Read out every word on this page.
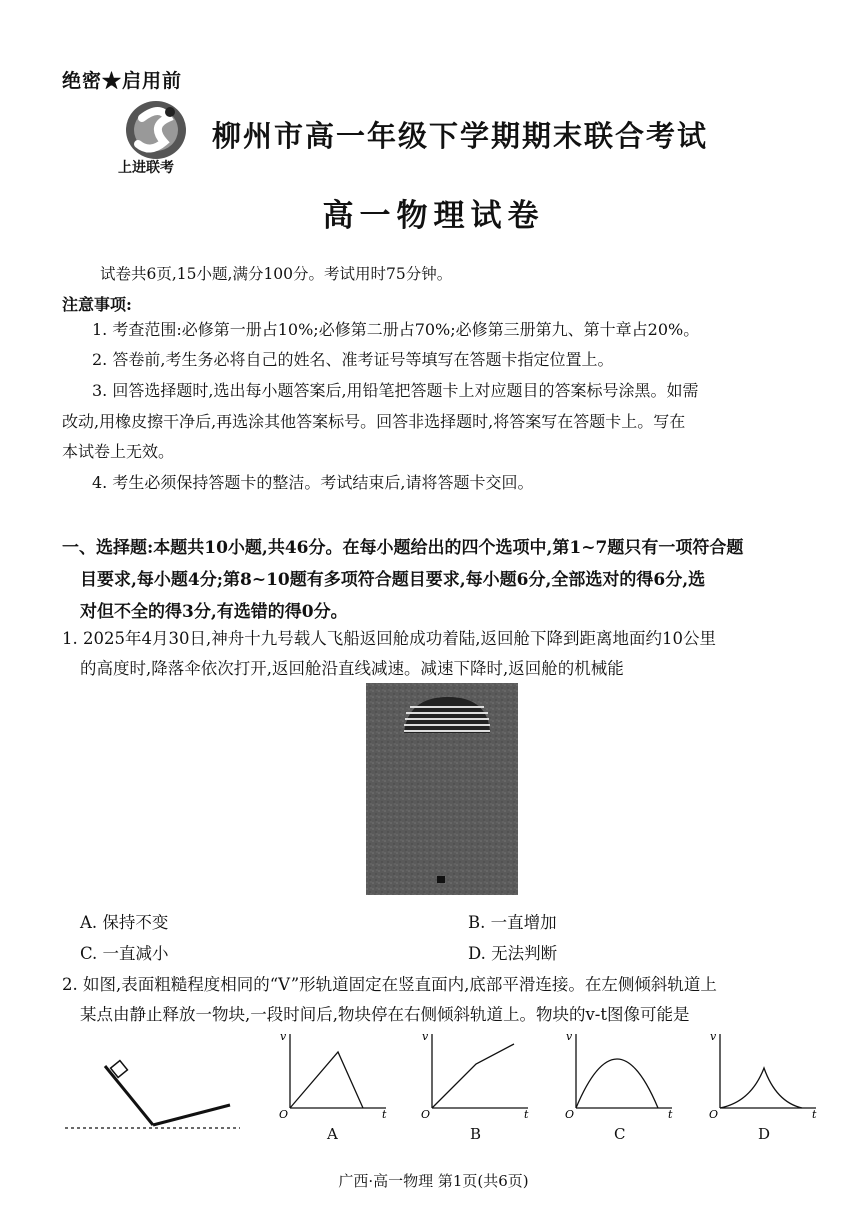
绝密★启用前
上进联考
柳州市高一年级下学期期末联合考试
高一物理试卷
试卷共6页,15小题,满分100分。考试用时75分钟。
注意事项:
1. 考查范围:必修第一册占10%;必修第二册占70%;必修第三册第九、第十章占20%。
2. 答卷前,考生务必将自己的姓名、准考证号等填写在答题卡指定位置上。
3. 回答选择题时,选出每小题答案后,用铅笔把答题卡上对应题目的答案标号涂黑。如需
改动,用橡皮擦干净后,再选涂其他答案标号。回答非选择题时,将答案写在答题卡上。写在
本试卷上无效。
4. 考生必须保持答题卡的整洁。考试结束后,请将答题卡交回。
一、选择题:本题共10小题,共46分。在每小题给出的四个选项中,第1~7题只有一项符合题
目要求,每小题4分;第8~10题有多项符合题目要求,每小题6分,全部选对的得6分,选
对但不全的得3分,有选错的得0分。
1. 2025年4月30日,神舟十九号载人飞船返回舱成功着陆,返回舱下降到距离地面约10公里
的高度时,降落伞依次打开,返回舱沿直线减速。减速下降时,返回舱的机械能
A. 保持不变	B. 一直增加
C. 一直减小	D. 无法判断
2. 如图,表面粗糙程度相同的“V”形轨道固定在竖直面内,底部平滑连接。在左侧倾斜轨道上
某点由静止释放一物块,一段时间后,物块停在右侧倾斜轨道上。物块的v-t图像可能是
v
t
O
v
t
O
v
t
O
v
t
O
A	B	C	D
广西·高一物理 第1页(共6页)
